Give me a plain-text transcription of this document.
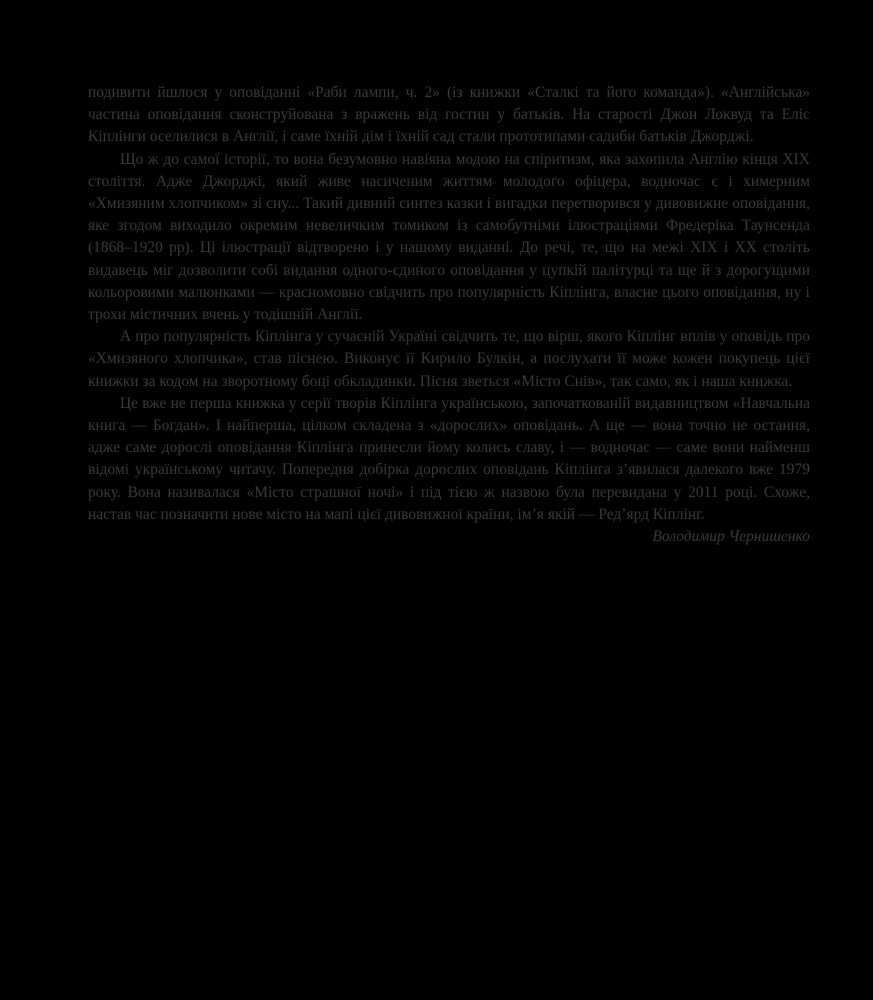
подивити йшлося у оповіданні «Раби лампи, ч. 2» (із книжки «Сталкі та його команда»). «Англійська» частина оповідання сконструйована з вражень від гостин у батьків. На старості Джон Локвуд та Еліс Кіплінги оселилися в Англії, і саме їхній дім і їхній сад стали прототипами садиби батьків Джорджі.

Що ж до самої історії, то вона безумовно навіяна модою на спіритизм, яка захопила Англію кінця ХІХ століття. Адже Джорджі, який живе насиченим життям молодого офіцера, водночас є і химерним «Хмизяним хлопчиком» зі сну... Такий дивний синтез казки і вигадки перетворився у дивовижне оповідання, яке згодом виходило окремим невеличким томиком із самобутніми ілюстраціями Фредеріка Таунсенда (1868–1920 рр). Ці ілюстрації відтворено і у нашому виданні. До речі, те, що на межі ХІХ і ХХ століть видавець міг дозволити собі видання одного-єдиного оповідання у цупкій палітурці та ще й з дорогущими кольоровими малюнками — красномовно свідчить про популярність Кіплінга, власне цього оповідання, ну і трохи містичних вчень у тодішній Англії.

А про популярність Кіплінга у сучасній Україні свідчить те, що вірш, якого Кіплінг вплів у оповідь про «Хмизяного хлопчика», став піснею. Виконує її Кирило Булкін, а послухати її може кожен покупець цієї книжки за кодом на зворотному боці обкладинки. Пісня зветься «Місто Снів», так само, як і наша книжка.

Це вже не перша книжка у серії творів Кіплінга українською, започаткованій видавництвом «Навчальна книга — Богдан». І найперша, цілком складена з «дорослих» оповідань. А ще — вона точно не остання, адже саме дорослі оповідання Кіплінга принесли йому колись славу, і — водночас — саме вони найменш відомі українському читачу. Попередня добірка дорослих оповідань Кіплінга з’явилася далекого вже 1979 року. Вона називалася «Місто страшної ночі» і під тією ж назвою була перевидана у 2011 році. Схоже, настав час позначити нове місто на мапі цієї дивовижної країни, ім’я якій — Редʼярд Кіплінг.

Володимир Чернишенко
